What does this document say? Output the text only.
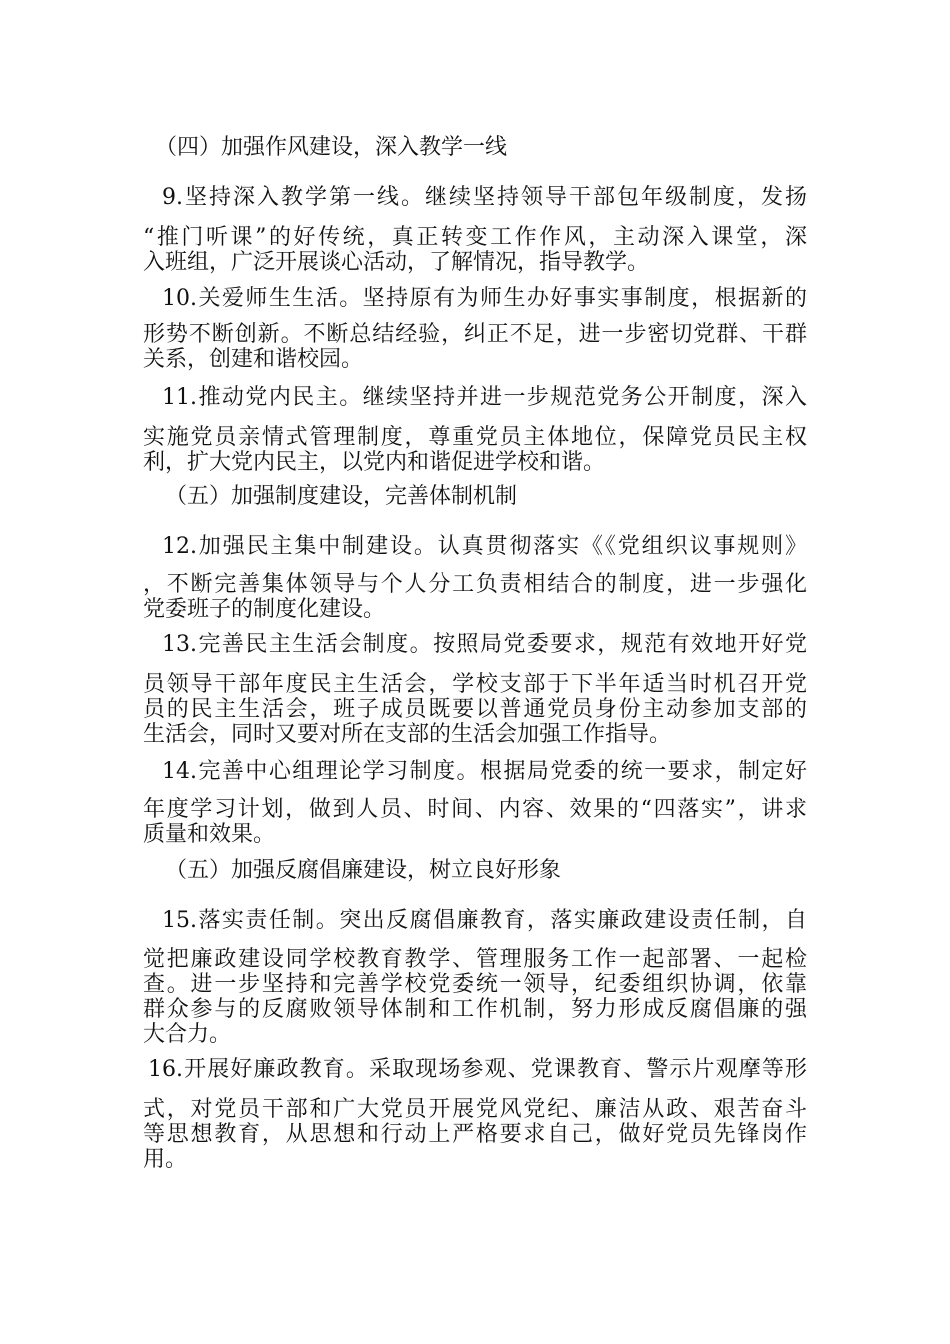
（四）加强作风建设，深入教学一线

9.坚持深入教学第一线。继续坚持领导干部包年级制度，发扬

“推门听课”的好传统，真正转变工作作风，主动深入课堂，深

入班组，广泛开展谈心活动，了解情况，指导教学。

10.关爱师生生活。坚持原有为师生办好事实事制度，根据新的

形势不断创新。不断总结经验，纠正不足，进一步密切党群、干群

关系，创建和谐校园。

11.推动党内民主。继续坚持并进一步规范党务公开制度，深入

实施党员亲情式管理制度，尊重党员主体地位，保障党员民主权

利，扩大党内民主，以党内和谐促进学校和谐。

（五）加强制度建设，完善体制机制

12.加强民主集中制建设。认真贯彻落实《《党组织议事规则》

，不断完善集体领导与个人分工负责相结合的制度，进一步强化

党委班子的制度化建设。

13.完善民主生活会制度。按照局党委要求，规范有效地开好党

员领导干部年度民主生活会，学校支部于下半年适当时机召开党

员的民主生活会，班子成员既要以普通党员身份主动参加支部的

生活会，同时又要对所在支部的生活会加强工作指导。

14.完善中心组理论学习制度。根据局党委的统一要求，制定好

年度学习计划，做到人员、时间、内容、效果的“四落实”，讲求

质量和效果。

（五）加强反腐倡廉建设，树立良好形象

15.落实责任制。突出反腐倡廉教育，落实廉政建设责任制，自

觉把廉政建设同学校教育教学、管理服务工作一起部署、一起检

查。进一步坚持和完善学校党委统一领导，纪委组织协调，依靠

群众参与的反腐败领导体制和工作机制，努力形成反腐倡廉的强

大合力。

16.开展好廉政教育。采取现场参观、党课教育、警示片观摩等形

式，对党员干部和广大党员开展党风党纪、廉洁从政、艰苦奋斗

等思想教育，从思想和行动上严格要求自己，做好党员先锋岗作

用。
